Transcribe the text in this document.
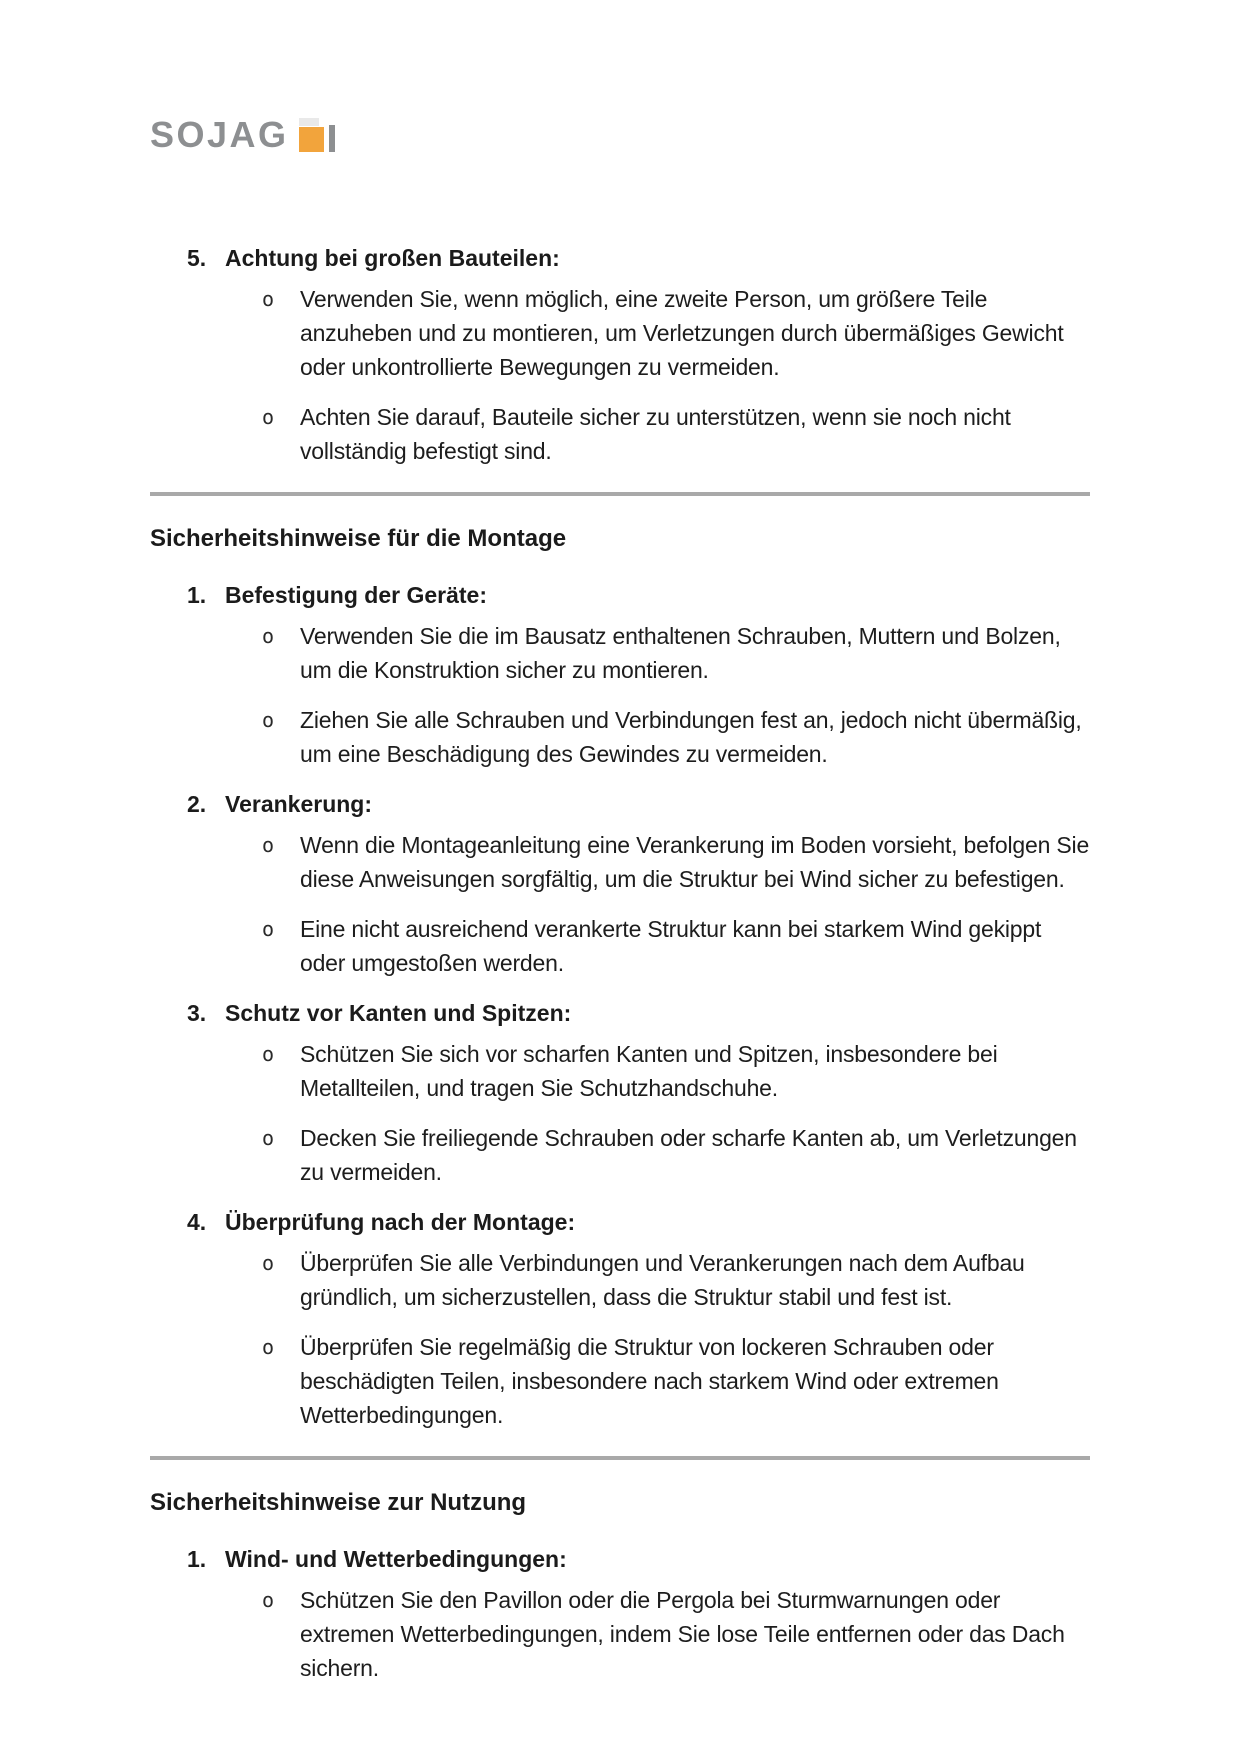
SOJAG
5. Achtung bei großen Bauteilen:
o	Verwenden Sie, wenn möglich, eine zweite Person, um größere Teile anzuheben und zu montieren, um Verletzungen durch übermäßiges Gewicht oder unkontrollierte Bewegungen zu vermeiden.

o	Achten Sie darauf, Bauteile sicher zu unterstützen, wenn sie noch nicht vollständig befestigt sind.

Sicherheitshinweise für die Montage
1. Befestigung der Geräte:
o	Verwenden Sie die im Bausatz enthaltenen Schrauben, Muttern und Bolzen, um die Konstruktion sicher zu montieren.

o	Ziehen Sie alle Schrauben und Verbindungen fest an, jedoch nicht übermäßig, um eine Beschädigung des Gewindes zu vermeiden.

2. Verankerung:
o	Wenn die Montageanleitung eine Verankerung im Boden vorsieht, befolgen Sie diese Anweisungen sorgfältig, um die Struktur bei Wind sicher zu befestigen.

o	Eine nicht ausreichend verankerte Struktur kann bei starkem Wind gekippt oder umgestoßen werden.

3. Schutz vor Kanten und Spitzen:
o	Schützen Sie sich vor scharfen Kanten und Spitzen, insbesondere bei Metallteilen, und tragen Sie Schutzhandschuhe.

o	Decken Sie freiliegende Schrauben oder scharfe Kanten ab, um Verletzungen zu vermeiden.

4. Überprüfung nach der Montage:
o	Überprüfen Sie alle Verbindungen und Verankerungen nach dem Aufbau gründlich, um sicherzustellen, dass die Struktur stabil und fest ist.

o	Überprüfen Sie regelmäßig die Struktur von lockeren Schrauben oder beschädigten Teilen, insbesondere nach starkem Wind oder extremen Wetterbedingungen.

Sicherheitshinweise zur Nutzung
1. Wind- und Wetterbedingungen:
o	Schützen Sie den Pavillon oder die Pergola bei Sturmwarnungen oder extremen Wetterbedingungen, indem Sie lose Teile entfernen oder das Dach sichern.
